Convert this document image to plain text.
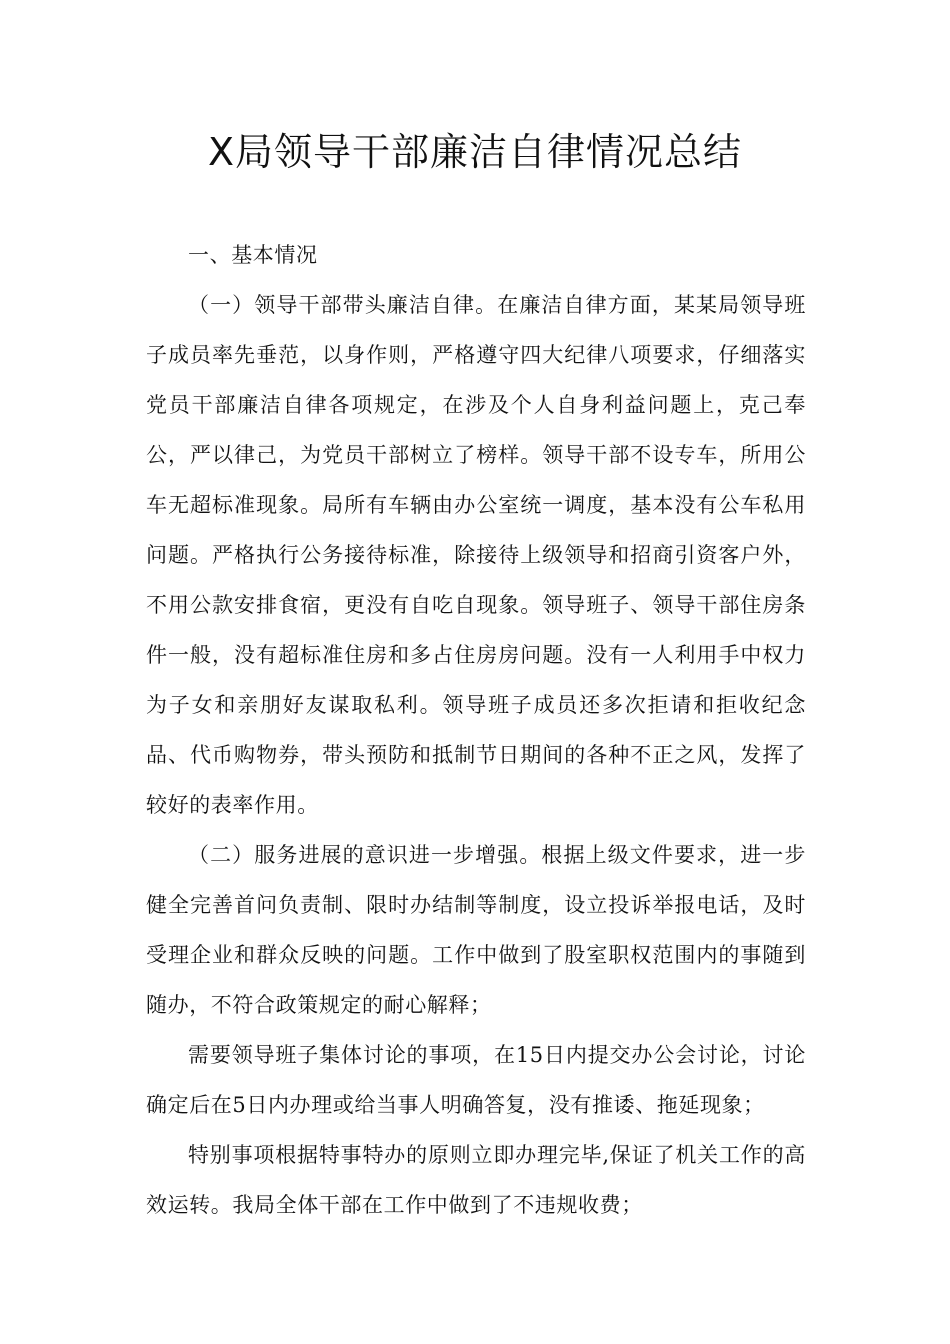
X局领导干部廉洁自律情况总结

一、基本情况

（一）领导干部带头廉洁自律。在廉洁自律方面，某某局领导班子成员率先垂范，以身作则，严格遵守四大纪律八项要求，仔细落实党员干部廉洁自律各项规定，在涉及个人自身利益问题上，克己奉公，严以律己，为党员干部树立了榜样。领导干部不设专车，所用公车无超标准现象。局所有车辆由办公室统一调度，基本没有公车私用问题。严格执行公务接待标准，除接待上级领导和招商引资客户外，不用公款安排食宿，更没有自吃自现象。领导班子、领导干部住房条件一般，没有超标准住房和多占住房房问题。没有一人利用手中权力为子女和亲朋好友谋取私利。领导班子成员还多次拒请和拒收纪念品、代币购物券，带头预防和抵制节日期间的各种不正之风，发挥了较好的表率作用。

（二）服务进展的意识进一步增强。根据上级文件要求，进一步健全完善首问负责制、限时办结制等制度，设立投诉举报电话，及时受理企业和群众反映的问题。工作中做到了股室职权范围内的事随到随办，不符合政策规定的耐心解释；

需要领导班子集体讨论的事项，在15日内提交办公会讨论，讨论确定后在5日内办理或给当事人明确答复，没有推诿、拖延现象；

特别事项根据特事特办的原则立即办理完毕,保证了机关工作的高效运转。我局全体干部在工作中做到了不违规收费；
